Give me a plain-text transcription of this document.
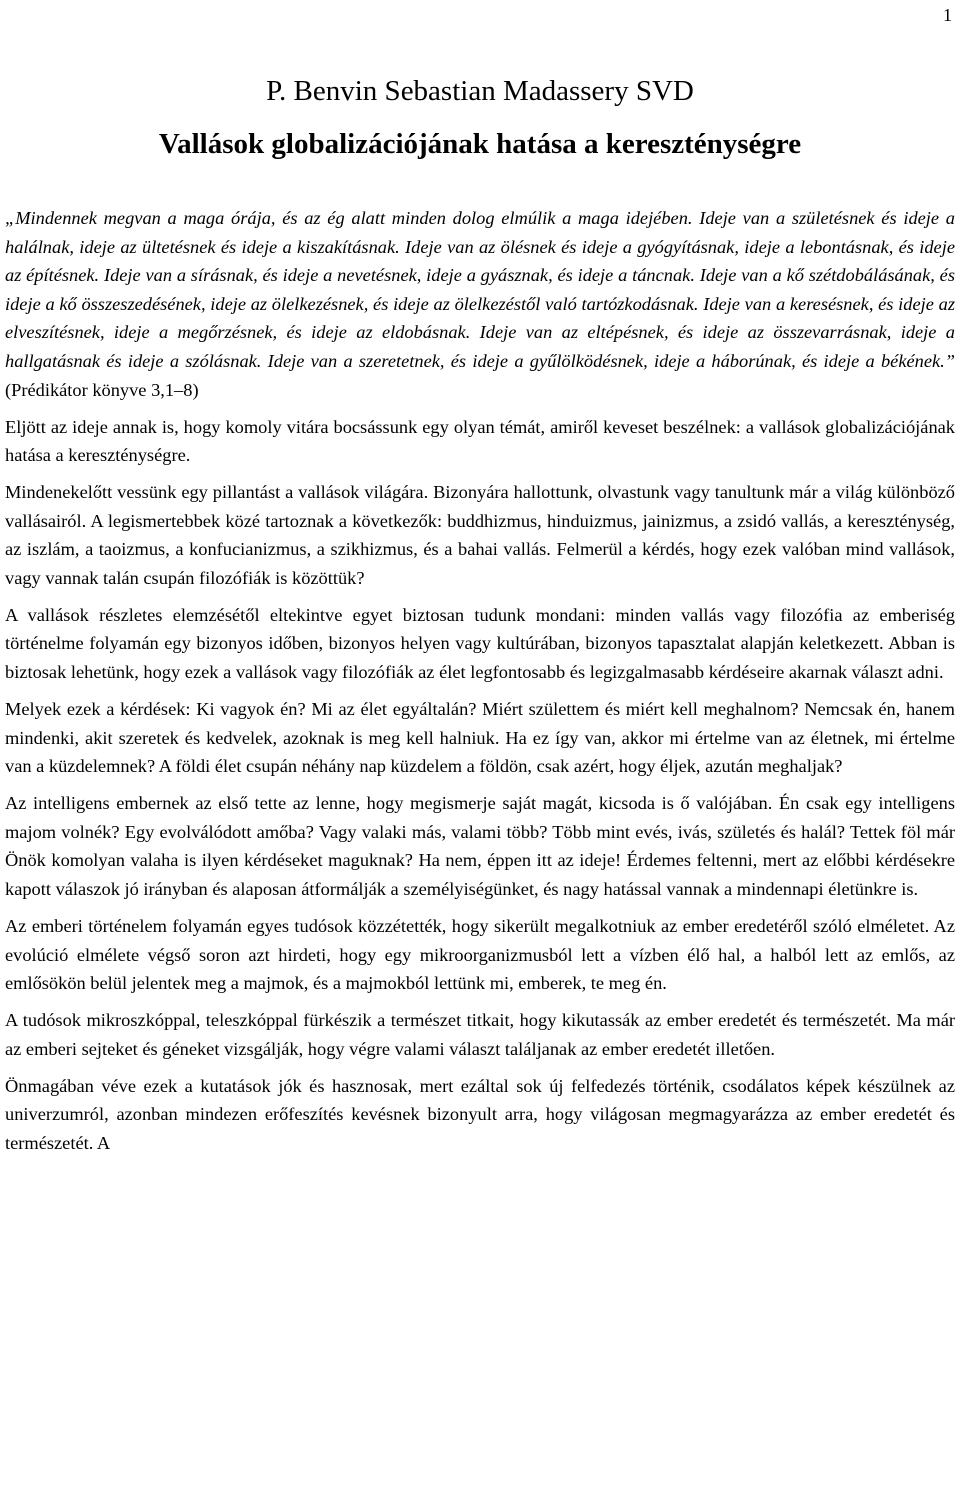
1
P. Benvin Sebastian Madassery SVD
Vallások globalizációjának hatása a kereszténységre

„Mindennek megvan a maga órája, és az ég alatt minden dolog elmúlik a maga idejében. Ideje van a születésnek és ideje a halálnak, ideje az ültetésnek és ideje a kiszakításnak. Ideje van az ölésnek és ideje a gyógyításnak, ideje a lebontásnak, és ideje az építésnek. Ideje van a sírásnak, és ideje a nevetésnek, ideje a gyásznak, és ideje a táncnak. Ideje van a kő szétdobálásának, és ideje a kő összeszedésének, ideje az ölelkezésnek, és ideje az ölelkezéstől való tartózkodásnak. Ideje van a keresésnek, és ideje az elveszítésnek, ideje a megőrzésnek, és ideje az eldobásnak. Ideje van az eltépésnek, és ideje az összevarrásnak, ideje a hallgatásnak és ideje a szólásnak. Ideje van a szeretetnek, és ideje a gyűlölködésnek, ideje a háborúnak, és ideje a békének.” (Prédikátor könyve 3,1–8)

Eljött az ideje annak is, hogy komoly vitára bocsássunk egy olyan témát, amiről keveset beszélnek: a vallások globalizációjának hatása a kereszténységre.

Mindenekelőtt vessünk egy pillantást a vallások világára. Bizonyára hallottunk, olvastunk vagy tanultunk már a világ különböző vallásairól. A legismertebbek közé tartoznak a következők: buddhizmus, hinduizmus, jainizmus, a zsidó vallás, a kereszténység, az iszlám, a taoizmus, a konfucianizmus, a szikhizmus, és a bahai vallás. Felmerül a kérdés, hogy ezek valóban mind vallások, vagy vannak talán csupán filozófiák is közöttük?

A vallások részletes elemzésétől eltekintve egyet biztosan tudunk mondani: minden vallás vagy filozófia az emberiség történelme folyamán egy bizonyos időben, bizonyos helyen vagy kultúrában, bizonyos tapasztalat alapján keletkezett. Abban is biztosak lehetünk, hogy ezek a vallások vagy filozófiák az élet legfontosabb és legizgalmasabb kérdéseire akarnak választ adni.

Melyek ezek a kérdések: Ki vagyok én? Mi az élet egyáltalán? Miért születtem és miért kell meghalnom? Nemcsak én, hanem mindenki, akit szeretek és kedvelek, azoknak is meg kell halniuk. Ha ez így van, akkor mi értelme van az életnek, mi értelme van a küzdelemnek? A földi élet csupán néhány nap küzdelem a földön, csak azért, hogy éljek, azután meghaljak?

Az intelligens embernek az első tette az lenne, hogy megismerje saját magát, kicsoda is ő valójában. Én csak egy intelligens majom volnék? Egy evolválódott amőba? Vagy valaki más, valami több? Több mint evés, ivás, születés és halál? Tettek föl már Önök komolyan valaha is ilyen kérdéseket maguknak? Ha nem, éppen itt az ideje! Érdemes feltenni, mert az előbbi kérdésekre kapott válaszok jó irányban és alaposan átformálják a személyiségünket, és nagy hatással vannak a mindennapi életünkre is.

Az emberi történelem folyamán egyes tudósok közzétették, hogy sikerült megalkotniuk az ember eredetéről szóló elméletet. Az evolúció elmélete végső soron azt hirdeti, hogy egy mikroorganizmusból lett a vízben élő hal, a halból lett az emlős, az emlősökön belül jelentek meg a majmok, és a majmokból lettünk mi, emberek, te meg én.

A tudósok mikroszkóppal, teleszkóppal fürkészik a természet titkait, hogy kikutassák az ember eredetét és természetét. Ma már az emberi sejteket és géneket vizsgálják, hogy végre valami választ találjanak az ember eredetét illetően.

Önmagában véve ezek a kutatások jók és hasznosak, mert ezáltal sok új felfedezés történik, csodálatos képek készülnek az univerzumról, azonban mindezen erőfeszítés kevésnek bizonyult arra, hogy világosan megmagyarázza az ember eredetét és természetét. A
